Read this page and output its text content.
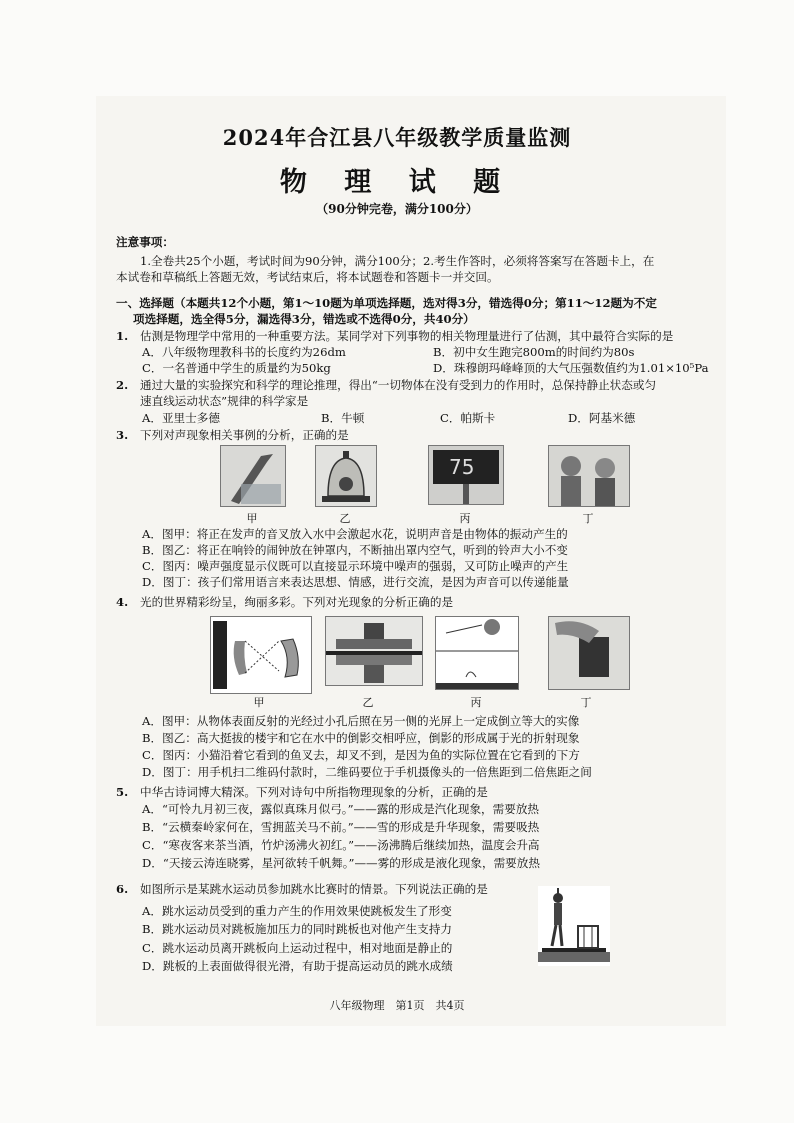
2024年合江县八年级教学质量监测
物 理 试 题
（90分钟完卷，满分100分）
注意事项：
1.全卷共25个小题，考试时间为90分钟，满分100分；2.考生作答时，必须将答案写在答题卡上，在
本试卷和草稿纸上答题无效，考试结束后，将本试题卷和答题卡一并交回。
一、选择题（本题共12个小题，第1～10题为单项选择题，选对得3分，错选得0分；第11～12题为不定
项选择题，选全得5分，漏选得3分，错选或不选得0分，共40分）
1. 估测是物理学中常用的一种重要方法。某同学对下列事物的相关物理量进行了估测，其中最符合实际的是
A．八年级物理教科书的长度约为26dm	B．初中女生跑完800m的时间约为80s
C．一名普通中学生的质量约为50kg	D．珠穆朗玛峰峰顶的大气压强数值约为1.01×10⁵Pa
2. 通过大量的实验探究和科学的理论推理，得出“一切物体在没有受到力的作用时，总保持静止状态或匀
速直线运动状态”规律的科学家是
A．亚里士多德	B．牛顿	C．帕斯卡	D．阿基米德
3. 下列对声现象相关事例的分析，正确的是
75
甲	乙	丙	丁
A．图甲：将正在发声的音叉放入水中会激起水花，说明声音是由物体的振动产生的
B．图乙：将正在响铃的闹钟放在钟罩内，不断抽出罩内空气，听到的铃声大小不变
C．图丙：噪声强度显示仪既可以直接显示环境中噪声的强弱，又可防止噪声的产生
D．图丁：孩子们常用语言来表达思想、情感，进行交流，是因为声音可以传递能量
4. 光的世界精彩纷呈，绚丽多彩。下列对光现象的分析正确的是
甲	乙	丙	丁
A．图甲：从物体表面反射的光经过小孔后照在另一侧的光屏上一定成倒立等大的实像
B．图乙：高大挺拔的楼宇和它在水中的倒影交相呼应，倒影的形成属于光的折射现象
C．图丙：小猫沿着它看到的鱼叉去，却叉不到，是因为鱼的实际位置在它看到的下方
D．图丁：用手机扫二维码付款时，二维码要位于手机摄像头的一倍焦距到二倍焦距之间
5. 中华古诗词博大精深。下列对诗句中所指物理现象的分析，正确的是
A．“可怜九月初三夜，露似真珠月似弓。”——露的形成是汽化现象，需要放热
B．“云横秦岭家何在，雪拥蓝关马不前。”——雪的形成是升华现象，需要吸热
C．“寒夜客来茶当酒，竹炉汤沸火初红。”——汤沸腾后继续加热，温度会升高
D．“天接云涛连晓雾，星河欲转千帆舞。”——雾的形成是液化现象，需要放热
6. 如图所示是某跳水运动员参加跳水比赛时的情景。下列说法正确的是
A．跳水运动员受到的重力产生的作用效果使跳板发生了形变
B．跳水运动员对跳板施加压力的同时跳板也对他产生支持力
C．跳水运动员离开跳板向上运动过程中，相对地面是静止的
D．跳板的上表面做得很光滑，有助于提高运动员的跳水成绩
八年级物理　第1页　共4页
